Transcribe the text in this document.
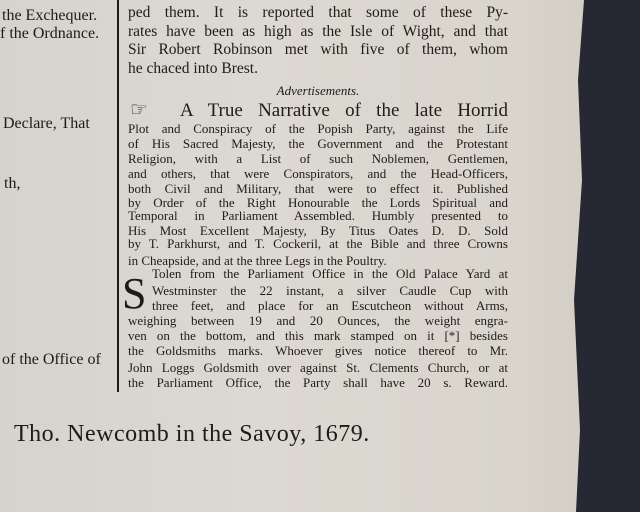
the Exchequer.
f the Ordnance.
Declare, That
th,
of the Office of
ped them. It is reported that some of these Py-
rates have been as high as the Isle of Wight, and that
Sir Robert Robinson met with five of them, whom
he chaced into Brest.
Advertisements.
☞ A True Narrative of the late Horrid
Plot and Conspiracy of the Popish Party, against the Life
of His Sacred Majesty, the Government and the Protestant
Religion, with a List of such Noblemen, Gentlemen,
and others, that were Conspirators, and the Head-Officers,
both Civil and Military, that were to effect it. Published
by Order of the Right Honourable the Lords Spiritual and
Temporal in Parliament Assembled. Humbly presented to
His Most Excellent Majesty, By Titus Oates D. D. Sold
by T. Parkhurst, and T. Cockeril, at the Bible and three Crowns
in Cheapside, and at the three Legs in the Poultry.
S Tolen from the Parliament Office in the Old Palace Yard at
Westminster the 22 instant, a silver Caudle Cup with
three feet, and place for an Escutcheon without Arms,
weighing between 19 and 20 Ounces, the weight engra-
ven on the bottom, and this mark stamped on it [*] besides
the Goldsmiths marks. Whoever gives notice thereof to Mr.
John Loggs Goldsmith over against St. Clements Church, or at
the Parliament Office, the Party shall have 20 s. Reward.
Tho. Newcomb in the Savoy, 1679.
